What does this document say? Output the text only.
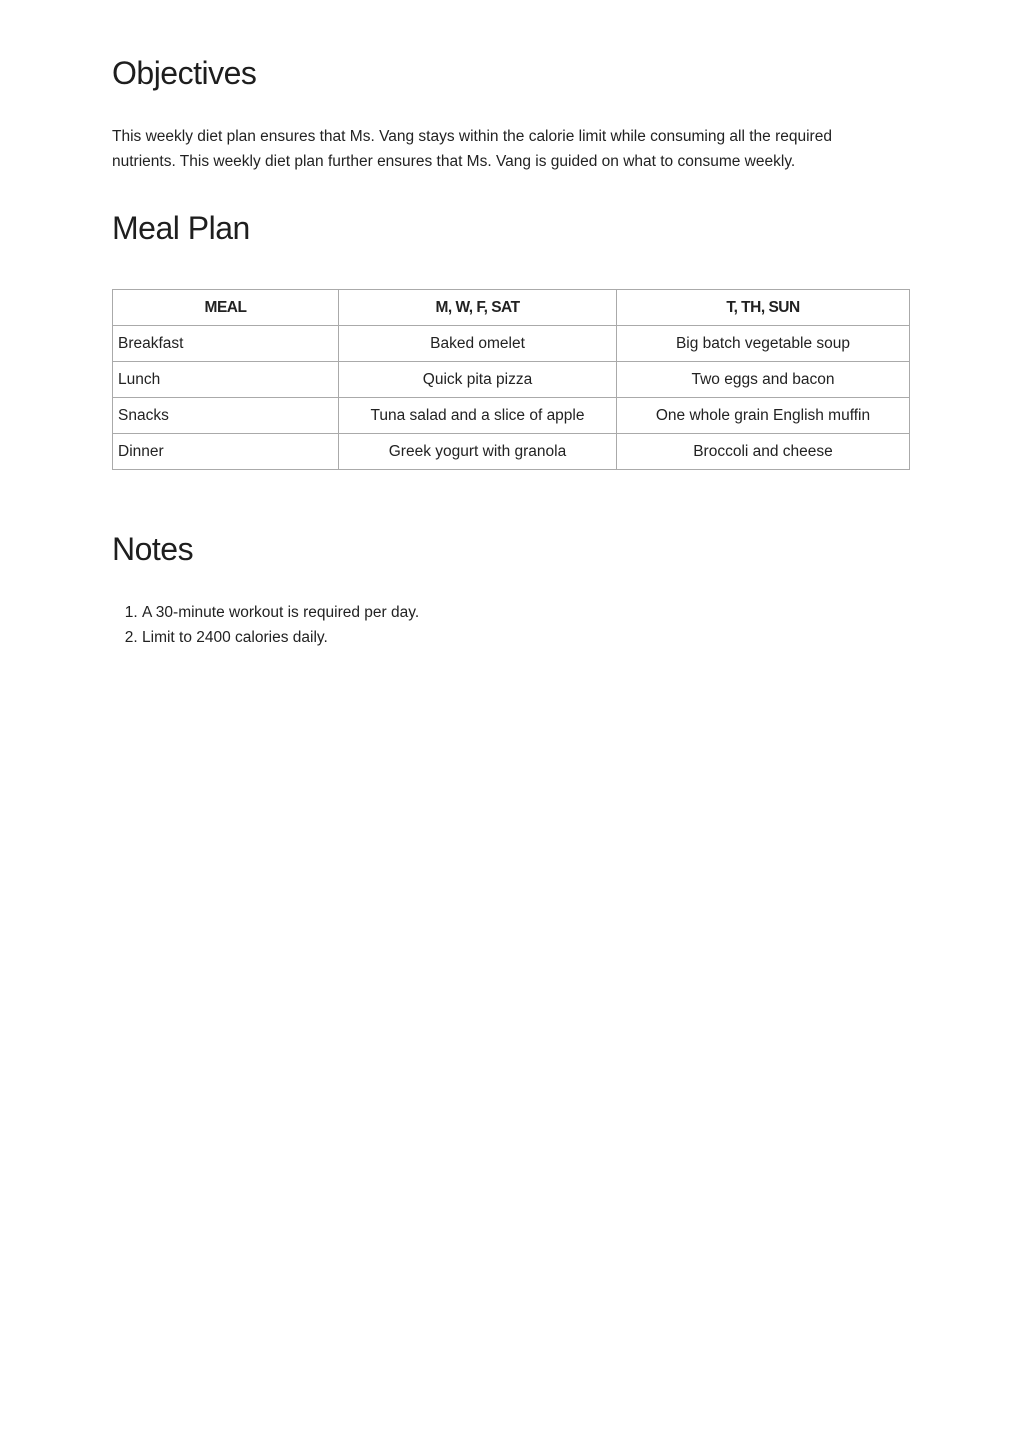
Objectives

This weekly diet plan ensures that Ms. Vang stays within the calorie limit while consuming all the required nutrients. This weekly diet plan further ensures that Ms. Vang is guided on what to consume weekly.

Meal Plan
MEAL	M, W, F, SAT	T, TH, SUN
Breakfast	Baked omelet	Big batch vegetable soup
Lunch	Quick pita pizza	Two eggs and bacon
Snacks	Tuna salad and a slice of apple	One whole grain English muffin
Dinner	Greek yogurt with granola	Broccoli and cheese
Notes
1. A 30-minute workout is required per day.
2. Limit to 2400 calories daily.
